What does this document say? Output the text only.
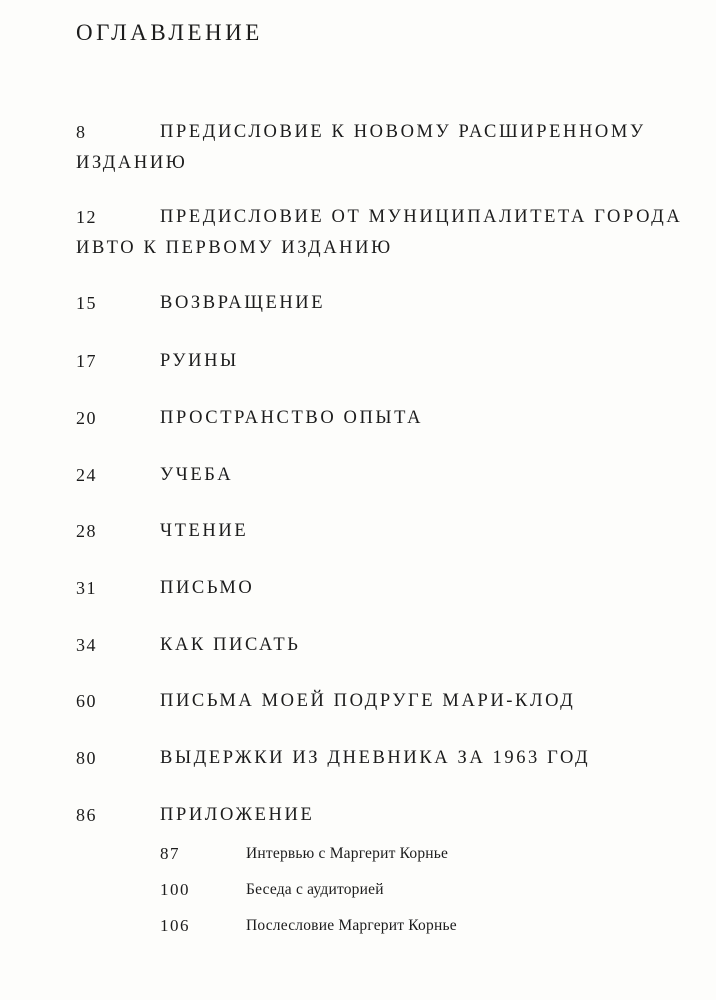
ОГЛАВЛЕНИЕ
8	ПРЕДИСЛОВИЕ К НОВОМУ РАСШИРЕННОМУ ИЗДАНИЮ

12	ПРЕДИСЛОВИЕ ОТ МУНИЦИПАЛИТЕТА ГОРОДА ИВТО К ПЕРВОМУ ИЗДАНИЮ

15	ВОЗВРАЩЕНИЕ

17	РУИНЫ

20	ПРОСТРАНСТВО ОПЫТА

24	УЧЕБА

28	ЧТЕНИЕ

31	ПИСЬМО

34	КАК ПИСАТЬ

60	ПИСЬМА МОЕЙ ПОДРУГЕ МАРИ-КЛОД

80	ВЫДЕРЖКИ ИЗ ДНЕВНИКА ЗА 1963 ГОД

86	ПРИЛОЖЕНИЕ

87	Интервью с Маргерит Корнье
100	Беседа с аудиторией
106	Послесловие Маргерит Корнье
